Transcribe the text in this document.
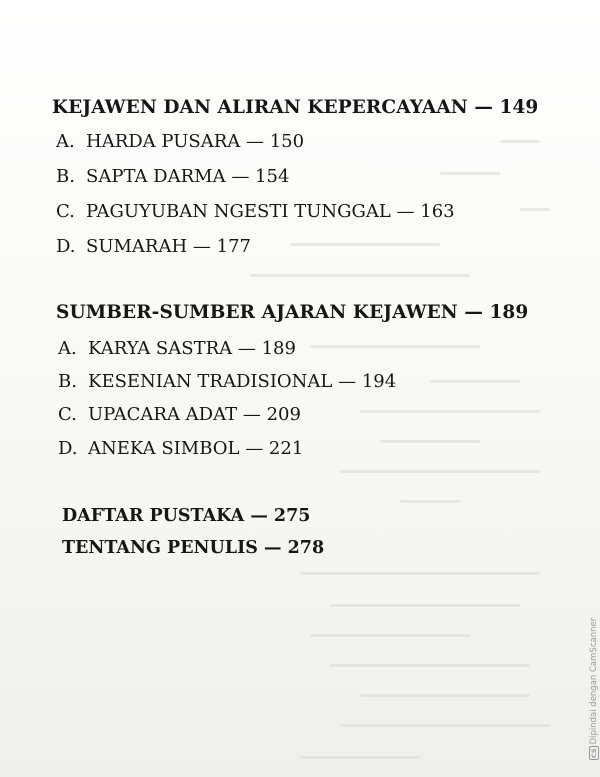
KEJAWEN DAN ALIRAN KEPERCAYAAN — 149
A. HARDA PUSARA — 150
B. SAPTA DARMA — 154
C. PAGUYUBAN NGESTI TUNGGAL — 163
D. SUMARAH — 177
SUMBER-SUMBER AJARAN KEJAWEN — 189
A. KARYA SASTRA — 189
B. KESENIAN TRADISIONAL — 194
C. UPACARA ADAT — 209
D. ANEKA SIMBOL — 221
DAFTAR PUSTAKA — 275
TENTANG PENULIS — 278
CSDipindai dengan CamScanner
